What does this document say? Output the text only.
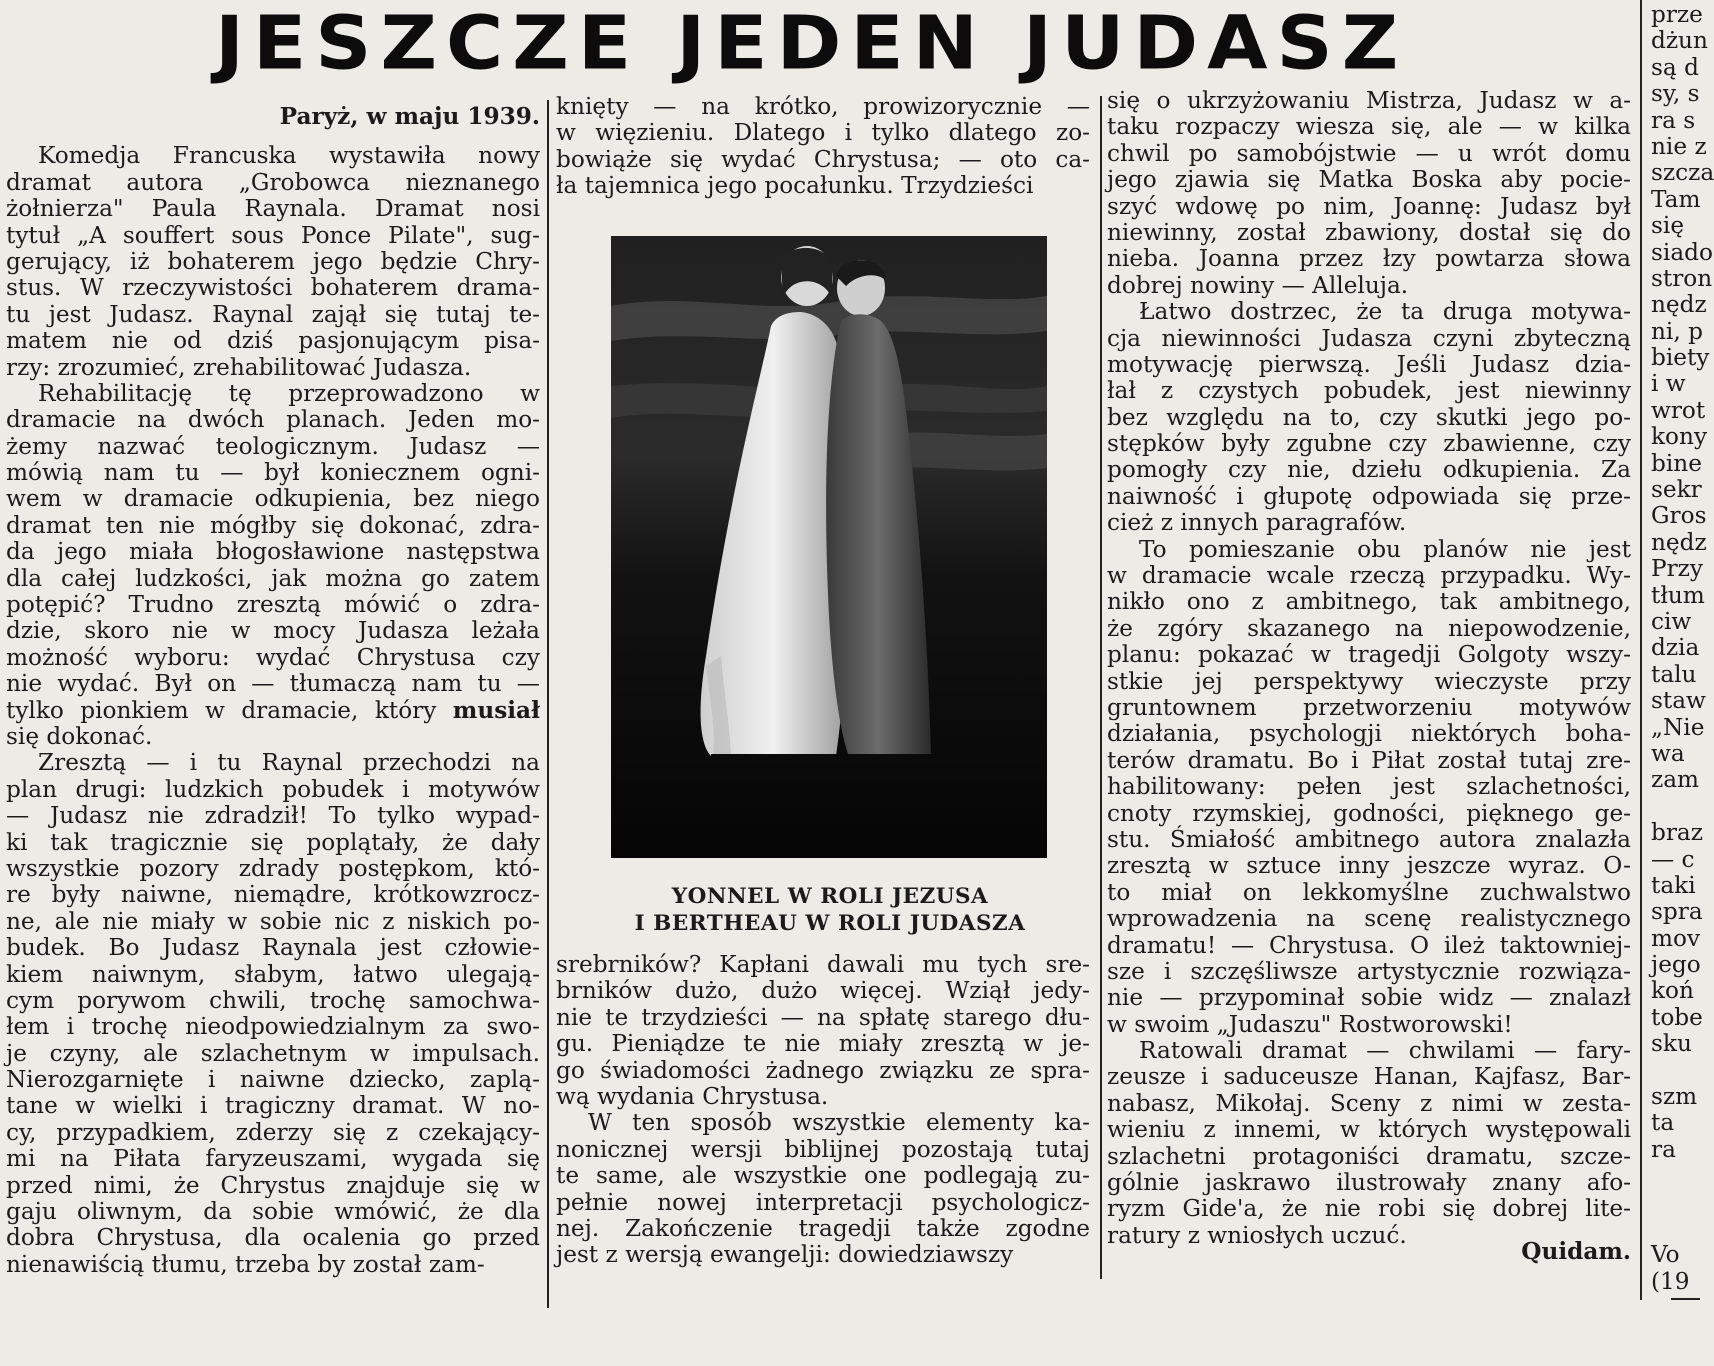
JESZCZE JEDEN JUDASZ
Paryż, w maju 1939.
Komedja Francuska wystawiła nowy
dramat autora „Grobowca nieznanego
żołnierza" Paula Raynala. Dramat nosi
tytuł „A souffert sous Ponce Pilate", sug-
gerujący, iż bohaterem jego będzie Chry-
stus. W rzeczywistości bohaterem drama-
tu jest Judasz. Raynal zajął się tutaj te-
matem nie od dziś pasjonującym pisa-
rzy: zrozumieć, zrehabilitować Judasza.
Rehabilitację tę przeprowadzono w
dramacie na dwóch planach. Jeden mo-
żemy nazwać teologicznym. Judasz —
mówią nam tu — był koniecznem ogni-
wem w dramacie odkupienia, bez niego
dramat ten nie mógłby się dokonać, zdra-
da jego miała błogosławione następstwa
dla całej ludzkości, jak można go zatem
potępić? Trudno zresztą mówić o zdra-
dzie, skoro nie w mocy Judasza leżała
możność wyboru: wydać Chrystusa czy
nie wydać. Był on — tłumaczą nam tu —
tylko pionkiem w dramacie, który musiał
się dokonać.
Zresztą — i tu Raynal przechodzi na
plan drugi: ludzkich pobudek i motywów
— Judasz nie zdradził! To tylko wypad-
ki tak tragicznie się poplątały, że dały
wszystkie pozory zdrady postępkom, któ-
re były naiwne, niemądre, krótkowzrocz-
ne, ale nie miały w sobie nic z niskich po-
budek. Bo Judasz Raynala jest człowie-
kiem naiwnym, słabym, łatwo ulegają-
cym porywom chwili, trochę samochwa-
łem i trochę nieodpowiedzialnym za swo-
je czyny, ale szlachetnym w impulsach.
Nierozgarnięte i naiwne dziecko, zaplą-
tane w wielki i tragiczny dramat. W no-
cy, przypadkiem, zderzy się z czekający-
mi na Piłata faryzeuszami, wygada się
przed nimi, że Chrystus znajduje się w
gaju oliwnym, da sobie wmówić, że dla
dobra Chrystusa, dla ocalenia go przed
nienawiścią tłumu, trzeba by został zam-
knięty — na krótko, prowizorycznie —
w więzieniu. Dlatego i tylko dlatego zo-
bowiąże się wydać Chrystusa; — oto ca-
ła tajemnica jego pocałunku. Trzydzieści
YONNEL W ROLI JEZUSA
I BERTHEAU W ROLI JUDASZA
srebrników? Kapłani dawali mu tych sre-
brników dużo, dużo więcej. Wziął jedy-
nie te trzydzieści — na spłatę starego dłu-
gu. Pieniądze te nie miały zresztą w je-
go świadomości żadnego związku ze spra-
wą wydania Chrystusa.
W ten sposób wszystkie elementy ka-
nonicznej wersji biblijnej pozostają tutaj
te same, ale wszystkie one podlegają zu-
pełnie nowej interpretacji psychologicz-
nej. Zakończenie tragedji także zgodne
jest z wersją ewangelji: dowiedziawszy
się o ukrzyżowaniu Mistrza, Judasz w a-
taku rozpaczy wiesza się, ale — w kilka
chwil po samobójstwie — u wrót domu
jego zjawia się Matka Boska aby pocie-
szyć wdowę po nim, Joannę: Judasz był
niewinny, został zbawiony, dostał się do
nieba. Joanna przez łzy powtarza słowa
dobrej nowiny — Alleluja.
Łatwo dostrzec, że ta druga motywa-
cja niewinności Judasza czyni zbyteczną
motywację pierwszą. Jeśli Judasz dzia-
łał z czystych pobudek, jest niewinny
bez względu na to, czy skutki jego po-
stępków były zgubne czy zbawienne, czy
pomogły czy nie, dziełu odkupienia. Za
naiwność i głupotę odpowiada się prze-
cież z innych paragrafów.
To pomieszanie obu planów nie jest
w dramacie wcale rzeczą przypadku. Wy-
nikło ono z ambitnego, tak ambitnego,
że zgóry skazanego na niepowodzenie,
planu: pokazać w tragedji Golgoty wszy-
stkie jej perspektywy wieczyste przy
gruntownem przetworzeniu motywów
działania, psychologji niektórych boha-
terów dramatu. Bo i Piłat został tutaj zre-
habilitowany: pełen jest szlachetności,
cnoty rzymskiej, godności, pięknego ge-
stu. Śmiałość ambitnego autora znalazła
zresztą w sztuce inny jeszcze wyraz. O-
to miał on lekkomyślne zuchwalstwo
wprowadzenia na scenę realistycznego
dramatu! — Chrystusa. O ileż taktowniej-
sze i szczęśliwsze artystycznie rozwiąza-
nie — przypominał sobie widz — znalazł
w swoim „Judaszu" Rostworowski!
Ratowali dramat — chwilami — fary-
zeusze i saduceusze Hanan, Kajfasz, Bar-
nabasz, Mikołaj. Sceny z nimi w zesta-
wieniu z innemi, w których występowali
szlachetni protagoniści dramatu, szcze-
gólnie jaskrawo ilustrowały znany afo-
ryzm Gide'a, że nie robi się dobrej lite-
ratury z wniosłych uczuć.
Quidam.
prze
dżun
są d
sy, s
ra s
nie z
szcza
Tam
się
siado
stron
nędz
ni, p
biety
i w
wrot
kony
bine
sekr
Gros
nędz
Przy
tłum
ciw
dzia
talu
staw
„Nie
wa
zam
braz
— c
taki
spra
mov
jego
koń
tobe
sku
szm
ta
ra
Vo
(19
